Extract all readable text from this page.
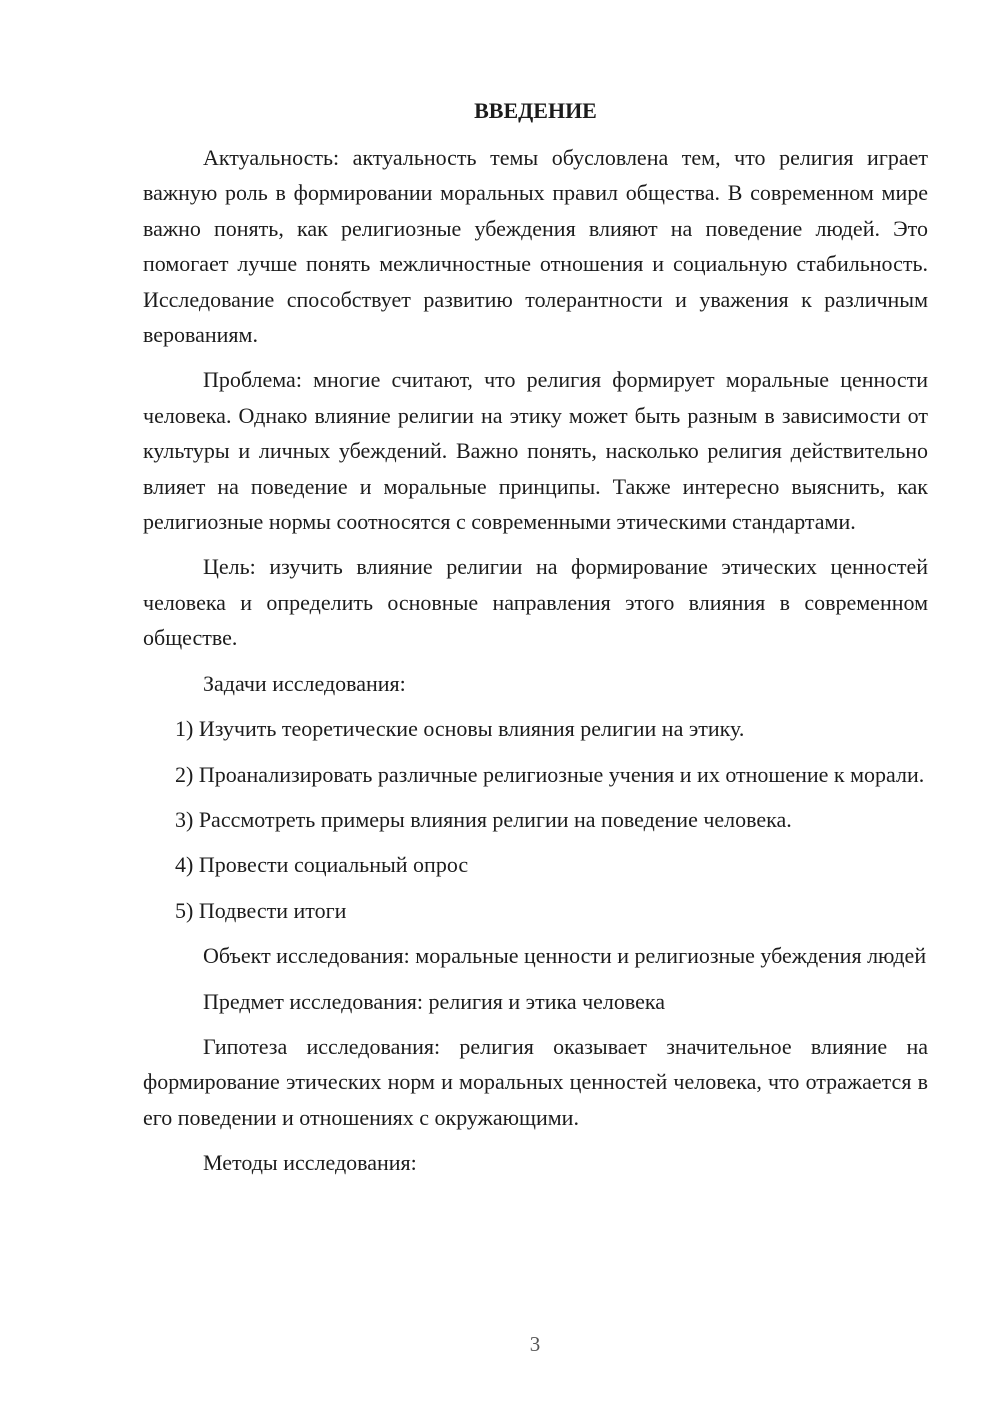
ВВЕДЕНИЕ

Актуальность: актуальность темы обусловлена тем, что религия играет важную роль в формировании моральных правил общества. В современном мире важно понять, как религиозные убеждения влияют на поведение людей. Это помогает лучше понять межличностные отношения и социальную стабильность. Исследование способствует развитию толерантности и уважения к различным верованиям.

Проблема: многие считают, что религия формирует моральные ценности человека. Однако влияние религии на этику может быть разным в зависимости от культуры и личных убеждений. Важно понять, насколько религия действительно влияет на поведение и моральные принципы. Также интересно выяснить, как религиозные нормы соотносятся с современными этическими стандартами.

Цель: изучить влияние религии на формирование этических ценностей человека и определить основные направления этого влияния в современном обществе.

Задачи исследования:

1) Изучить теоретические основы влияния религии на этику.

2) Проанализировать различные религиозные учения и их отношение к морали.

3) Рассмотреть примеры влияния религии на поведение человека.

4) Провести социальный опрос

5) Подвести итоги

Объект исследования: моральные ценности и религиозные убеждения людей

Предмет исследования: религия и этика человека

Гипотеза исследования: религия оказывает значительное влияние на формирование этических норм и моральных ценностей человека, что отражается в его поведении и отношениях с окружающими.

Методы исследования:

3
